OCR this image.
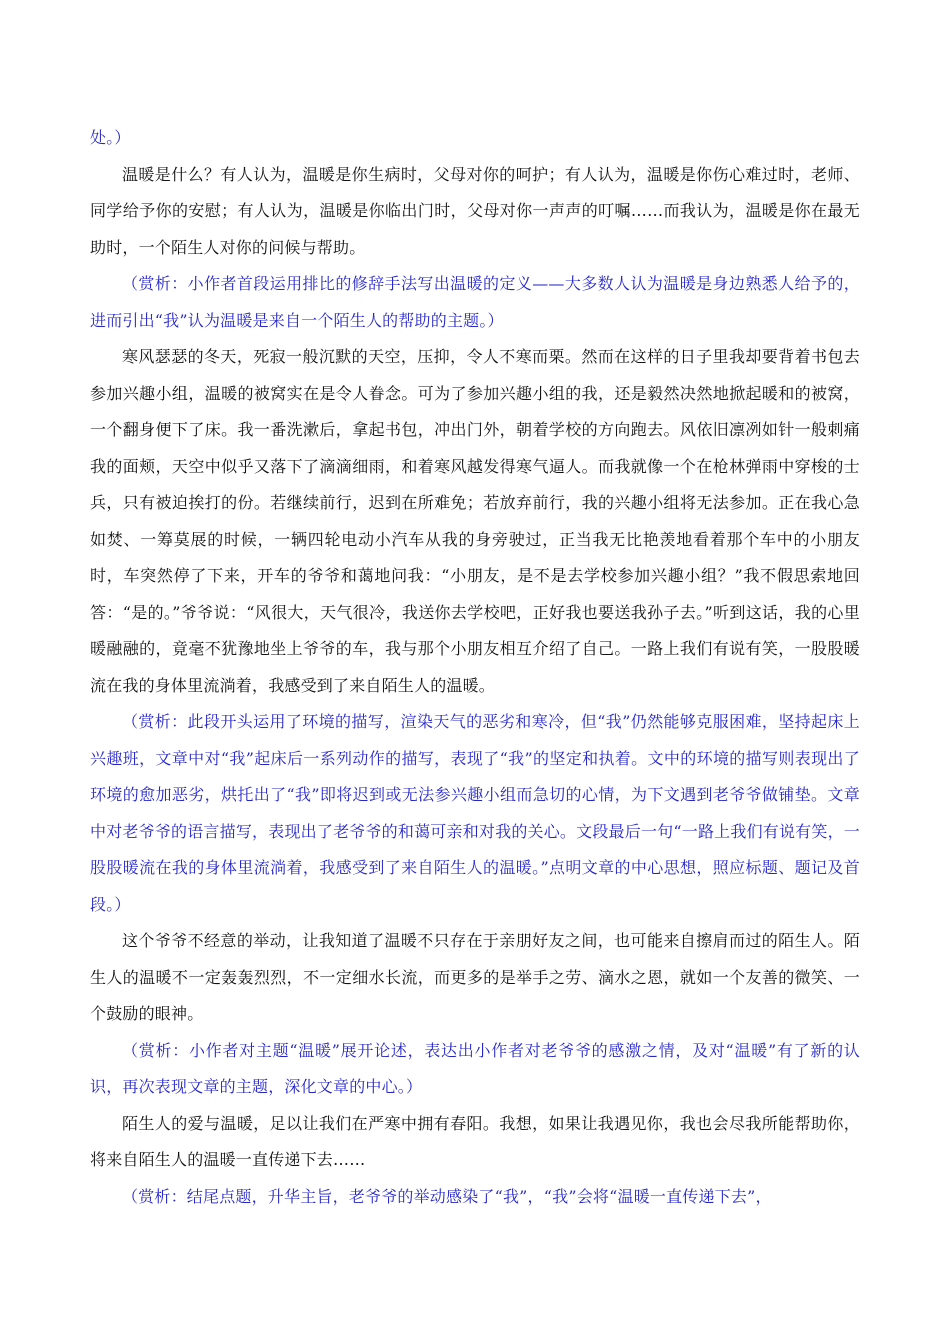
处。）

温暖是什么？有人认为，温暖是你生病时，父母对你的呵护；有人认为，温暖是你伤心难过时，老师、同学给予你的安慰；有人认为，温暖是你临出门时，父母对你一声声的叮嘱……而我认为，温暖是你在最无助时，一个陌生人对你的问候与帮助。

（赏析：小作者首段运用排比的修辞手法写出温暖的定义——大多数人认为温暖是身边熟悉人给予的，进而引出“我”认为温暖是来自一个陌生人的帮助的主题。）

寒风瑟瑟的冬天，死寂一般沉默的天空，压抑，令人不寒而栗。然而在这样的日子里我却要背着书包去参加兴趣小组，温暖的被窝实在是令人眷念。可为了参加兴趣小组的我，还是毅然决然地掀起暖和的被窝，一个翻身便下了床。我一番洗漱后，拿起书包，冲出门外，朝着学校的方向跑去。风依旧凛冽如针一般刺痛我的面颊，天空中似乎又落下了滴滴细雨，和着寒风越发得寒气逼人。而我就像一个在枪林弹雨中穿梭的士兵，只有被迫挨打的份。若继续前行，迟到在所难免；若放弃前行，我的兴趣小组将无法参加。正在我心急如焚、一筹莫展的时候，一辆四轮电动小汽车从我的身旁驶过，正当我无比艳羡地看着那个车中的小朋友时，车突然停了下来，开车的爷爷和蔼地问我：“小朋友，是不是去学校参加兴趣小组？”我不假思索地回答：“是的。”爷爷说：“风很大，天气很冷，我送你去学校吧，正好我也要送我孙子去。”听到这话，我的心里暖融融的，竟毫不犹豫地坐上爷爷的车，我与那个小朋友相互介绍了自己。一路上我们有说有笑，一股股暖流在我的身体里流淌着，我感受到了来自陌生人的温暖。

（赏析：此段开头运用了环境的描写，渲染天气的恶劣和寒冷，但“我”仍然能够克服困难，坚持起床上兴趣班，文章中对“我”起床后一系列动作的描写，表现了“我”的坚定和执着。文中的环境的描写则表现出了环境的愈加恶劣，烘托出了“我”即将迟到或无法参兴趣小组而急切的心情，为下文遇到老爷爷做铺垫。文章中对老爷爷的语言描写，表现出了老爷爷的和蔼可亲和对我的关心。文段最后一句“一路上我们有说有笑，一股股暖流在我的身体里流淌着，我感受到了来自陌生人的温暖。”点明文章的中心思想，照应标题、题记及首段。）

这个爷爷不经意的举动，让我知道了温暖不只存在于亲朋好友之间，也可能来自擦肩而过的陌生人。陌生人的温暖不一定轰轰烈烈，不一定细水长流，而更多的是举手之劳、滴水之恩，就如一个友善的微笑、一个鼓励的眼神。

（赏析：小作者对主题“温暖”展开论述，表达出小作者对老爷爷的感激之情，及对“温暖”有了新的认识，再次表现文章的主题，深化文章的中心。）

陌生人的爱与温暖，足以让我们在严寒中拥有春阳。我想，如果让我遇见你，我也会尽我所能帮助你，将来自陌生人的温暖一直传递下去……

（赏析：结尾点题，升华主旨，老爷爷的举动感染了“我”，“我”会将“温暖一直传递下去”，
